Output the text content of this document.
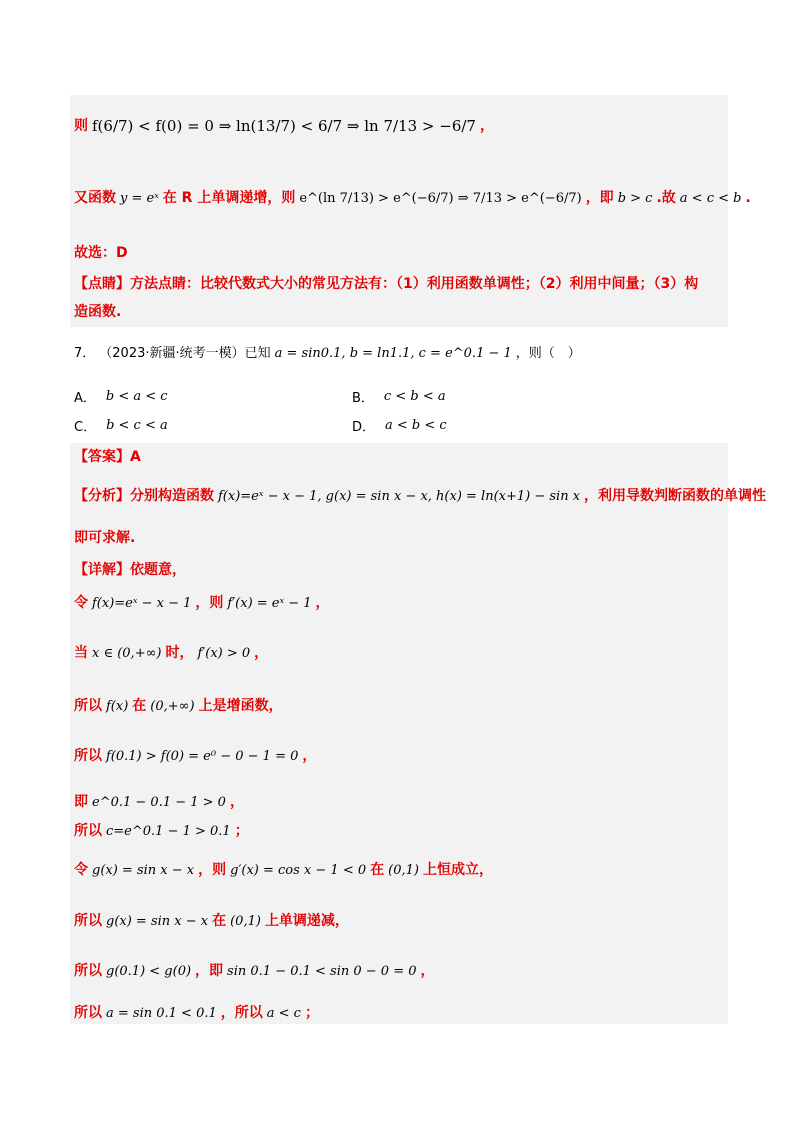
则 f(6/7) < f(0) = 0 ⇒ ln(13/7) < 6/7 ⇒ ln 7/13 > −6/7 ，
又函数 y = eˣ 在 R 上单调递增，则 e^(ln 7/13) > e^(−6/7) ⇒ 7/13 > e^(−6/7) ，即 b > c .故 a < c < b .
故选：D
【点睛】方法点睛：比较代数式大小的常见方法有：（1）利用函数单调性；（2）利用中间量；（3）构
造函数.
7． （2023·新疆·统考一模）已知 a = sin0.1, b = ln1.1, c = e^0.1 − 1 ，则（　）
A． b < a < c	B． c < b < a
C． b < c < a	D． a < b < c
【答案】A
【分析】分别构造函数 f(x)=eˣ − x − 1, g(x) = sin x − x, h(x) = ln(x+1) − sin x ，利用导数判断函数的单调性
即可求解.
【详解】依题意，
令 f(x)=eˣ − x − 1 ，则 f′(x) = eˣ − 1 ，
当 x ∈ (0,+∞) 时， f′(x) > 0 ，
所以 f(x) 在 (0,+∞) 上是增函数，
所以 f(0.1) > f(0) = e⁰ − 0 − 1 = 0 ，
即 e^0.1 − 0.1 − 1 > 0 ，
所以 c=e^0.1 − 1 > 0.1 ；
令 g(x) = sin x − x ，则 g′(x) = cos x − 1 < 0 在 (0,1) 上恒成立，
所以 g(x) = sin x − x 在 (0,1) 上单调递减，
所以 g(0.1) < g(0) ，即 sin 0.1 − 0.1 < sin 0 − 0 = 0 ，
所以 a = sin 0.1 < 0.1 ，所以 a < c ；
